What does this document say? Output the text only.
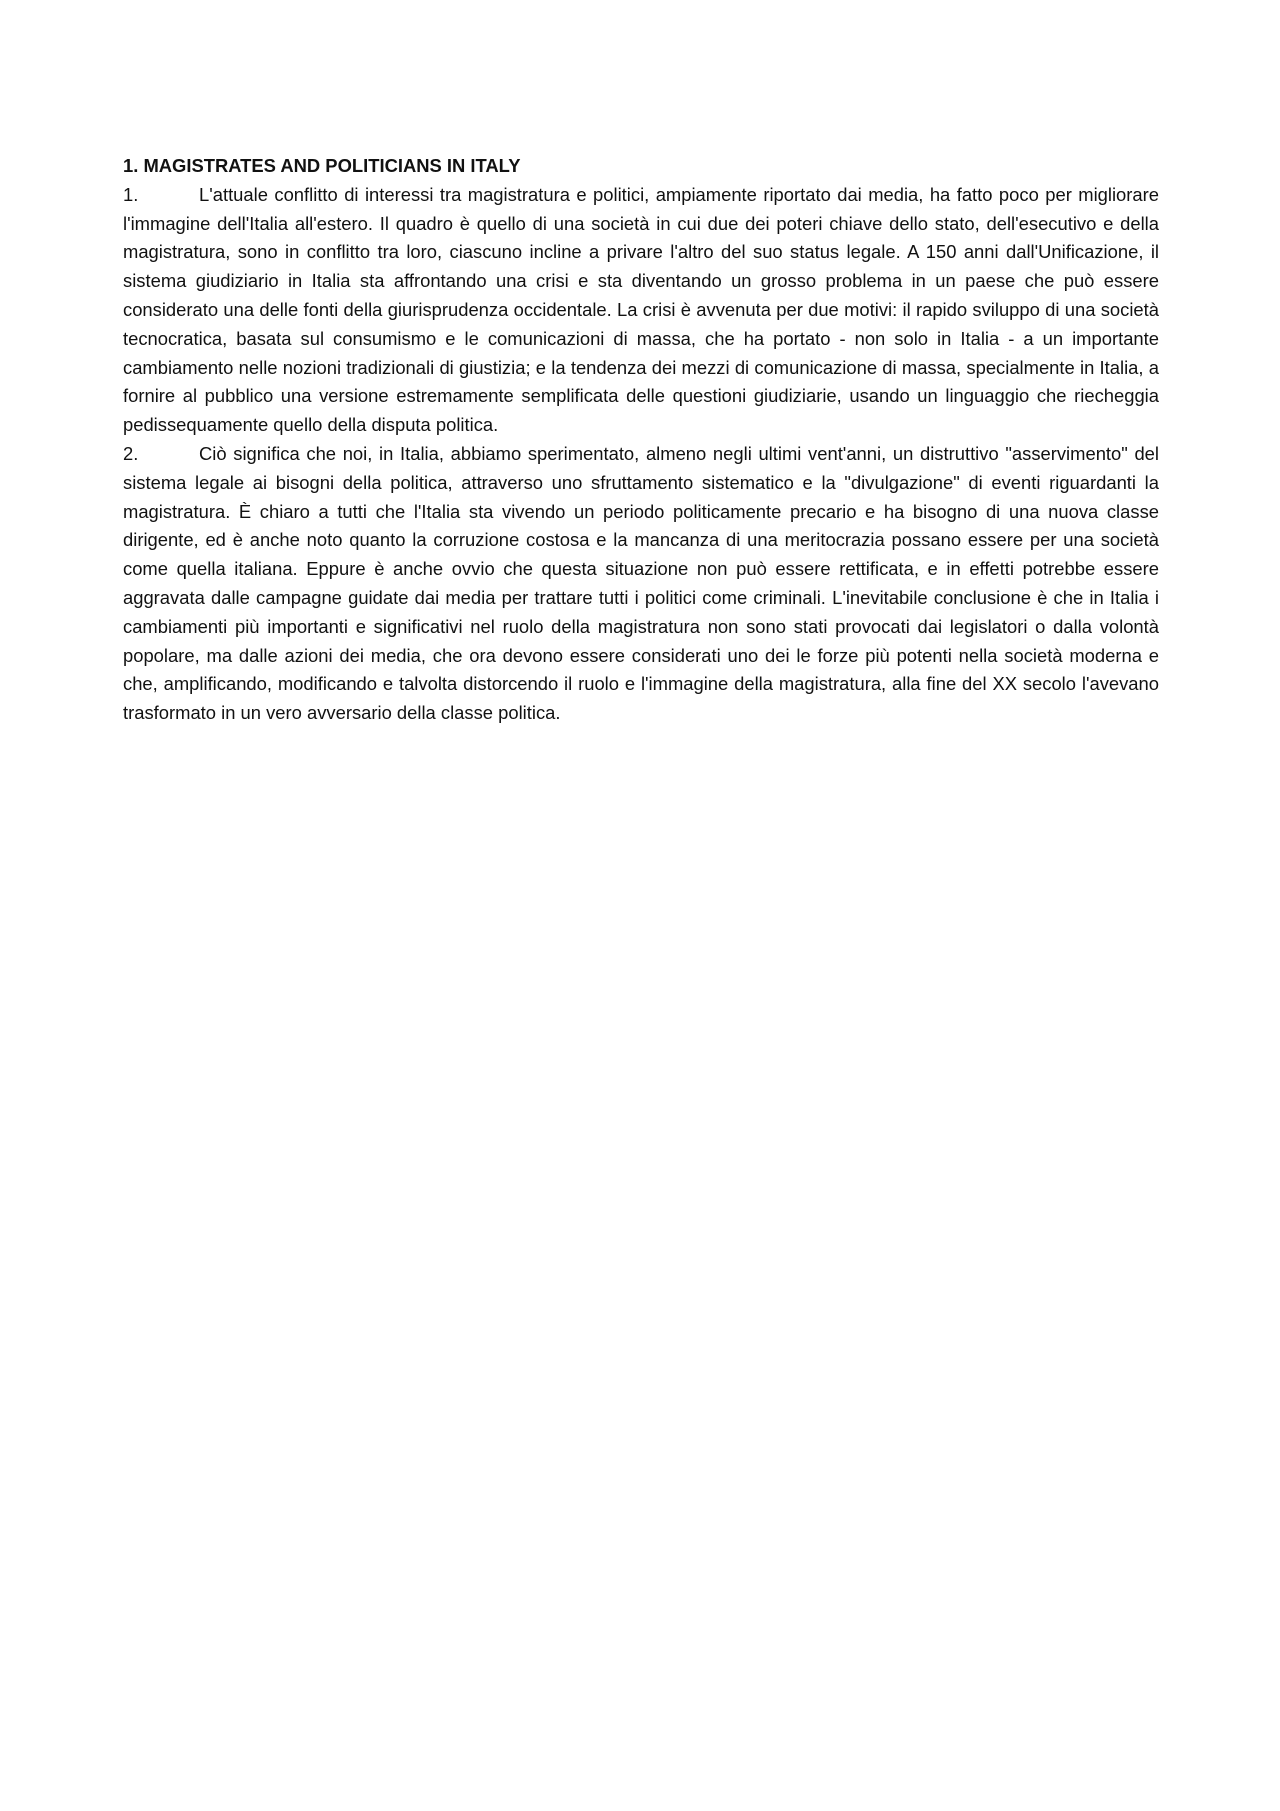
1. MAGISTRATES AND POLITICIANS IN ITALY

1.	L'attuale conflitto di interessi tra magistratura e politici, ampiamente riportato dai media, ha fatto poco per migliorare l'immagine dell'Italia all'estero. Il quadro è quello di una società in cui due dei poteri chiave dello stato, dell'esecutivo e della magistratura, sono in conflitto tra loro, ciascuno incline a privare l'altro del suo status legale. A 150 anni dall'Unificazione, il sistema giudiziario in Italia sta affrontando una crisi e sta diventando un grosso problema in un paese che può essere considerato una delle fonti della giurisprudenza occidentale. La crisi è avvenuta per due motivi: il rapido sviluppo di una società tecnocratica, basata sul consumismo e le comunicazioni di massa, che ha portato - non solo in Italia - a un importante cambiamento nelle nozioni tradizionali di giustizia; e la tendenza dei mezzi di comunicazione di massa, specialmente in Italia, a fornire al pubblico una versione estremamente semplificata delle questioni giudiziarie, usando un linguaggio che riecheggia pedissequamente quello della disputa politica.

2.	Ciò significa che noi, in Italia, abbiamo sperimentato, almeno negli ultimi vent'anni, un distruttivo "asservimento" del sistema legale ai bisogni della politica, attraverso uno sfruttamento sistematico e la "divulgazione" di eventi riguardanti la magistratura. È chiaro a tutti che l'Italia sta vivendo un periodo politicamente precario e ha bisogno di una nuova classe dirigente, ed è anche noto quanto la corruzione costosa e la mancanza di una meritocrazia possano essere per una società come quella italiana. Eppure è anche ovvio che questa situazione non può essere rettificata, e in effetti potrebbe essere aggravata dalle campagne guidate dai media per trattare tutti i politici come criminali. L'inevitabile conclusione è che in Italia i cambiamenti più importanti e significativi nel ruolo della magistratura non sono stati provocati dai legislatori o dalla volontà popolare, ma dalle azioni dei media, che ora devono essere considerati uno dei le forze più potenti nella società moderna e che, amplificando, modificando e talvolta distorcendo il ruolo e l'immagine della magistratura, alla fine del XX secolo l'avevano trasformato in un vero avversario della classe politica.
